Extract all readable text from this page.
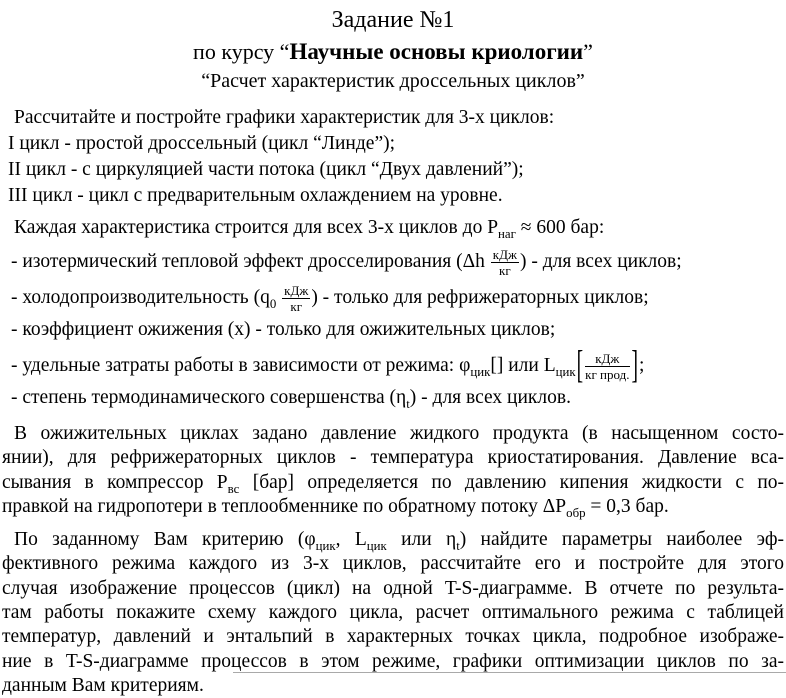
Задание №1
по курсу “Научные основы криологии”
“Расчет характеристик дроссельных циклов”
Рассчитайте и постройте графики характеристик для 3-х циклов:
I цикл - простой дроссельный (цикл “Линде”);
II цикл - с циркуляцией части потока (цикл “Двух давлений”);
III цикл - цикл с предварительным охлаждением на уровне.
Каждая характеристика строится для всех 3-х циклов до $P_{наг} \approx 600$ бар:
- изотермический тепловой эффект дросселирования ($\Delta h \frac{\text{кДж}}{кг}$ ) - для всех циклов;
- холодопроизводительность ($q_0 \frac{\text{кДж}}{кг}$ ) - только для рефрижераторных циклов;
- коэффициент ожижения (x) - только для ожижительных циклов;
- удельные затраты работы в зависимости от режима: $\varphi_{цик}[]$ или $L_{цик}[ \frac{\text{кДж}}{\text{кг прод.}}$ ];
- степень термодинамического совершенства $(\eta_t)$ - для всех циклов.
В ожижительных циклах задано давление жидкого продукта (в насыщенном состо-
янии), для рефрижераторных циклов - температура криостатирования. Давление вса-
сывания в компрессор $P_{вс}$ [бар] определяется по давлению кипения жидкости с по-
правкой на гидропотери в теплообменнике по обратному потоку $\Delta P_{обр} = 0,3$ бар.
По заданному Вам критерию ($\varphi_{цик}$, $L_{цик}$ или $\eta_t$) найдите параметры наиболее эф-
фективного режима каждого из 3-х циклов, рассчитайте его и постройте для этого
случая изображение процессов (цикл) на одной T-S-диаграмме. В отчете по результа-
там работы покажите схему каждого цикла, расчет оптимального режима с таблицей
температур, давлений и энтальпий в характерных точках цикла, подробное изображе-
ние в T-S-диаграмме процессов в этом режиме, графики оптимизации циклов по за-
данным Вам критериям.
